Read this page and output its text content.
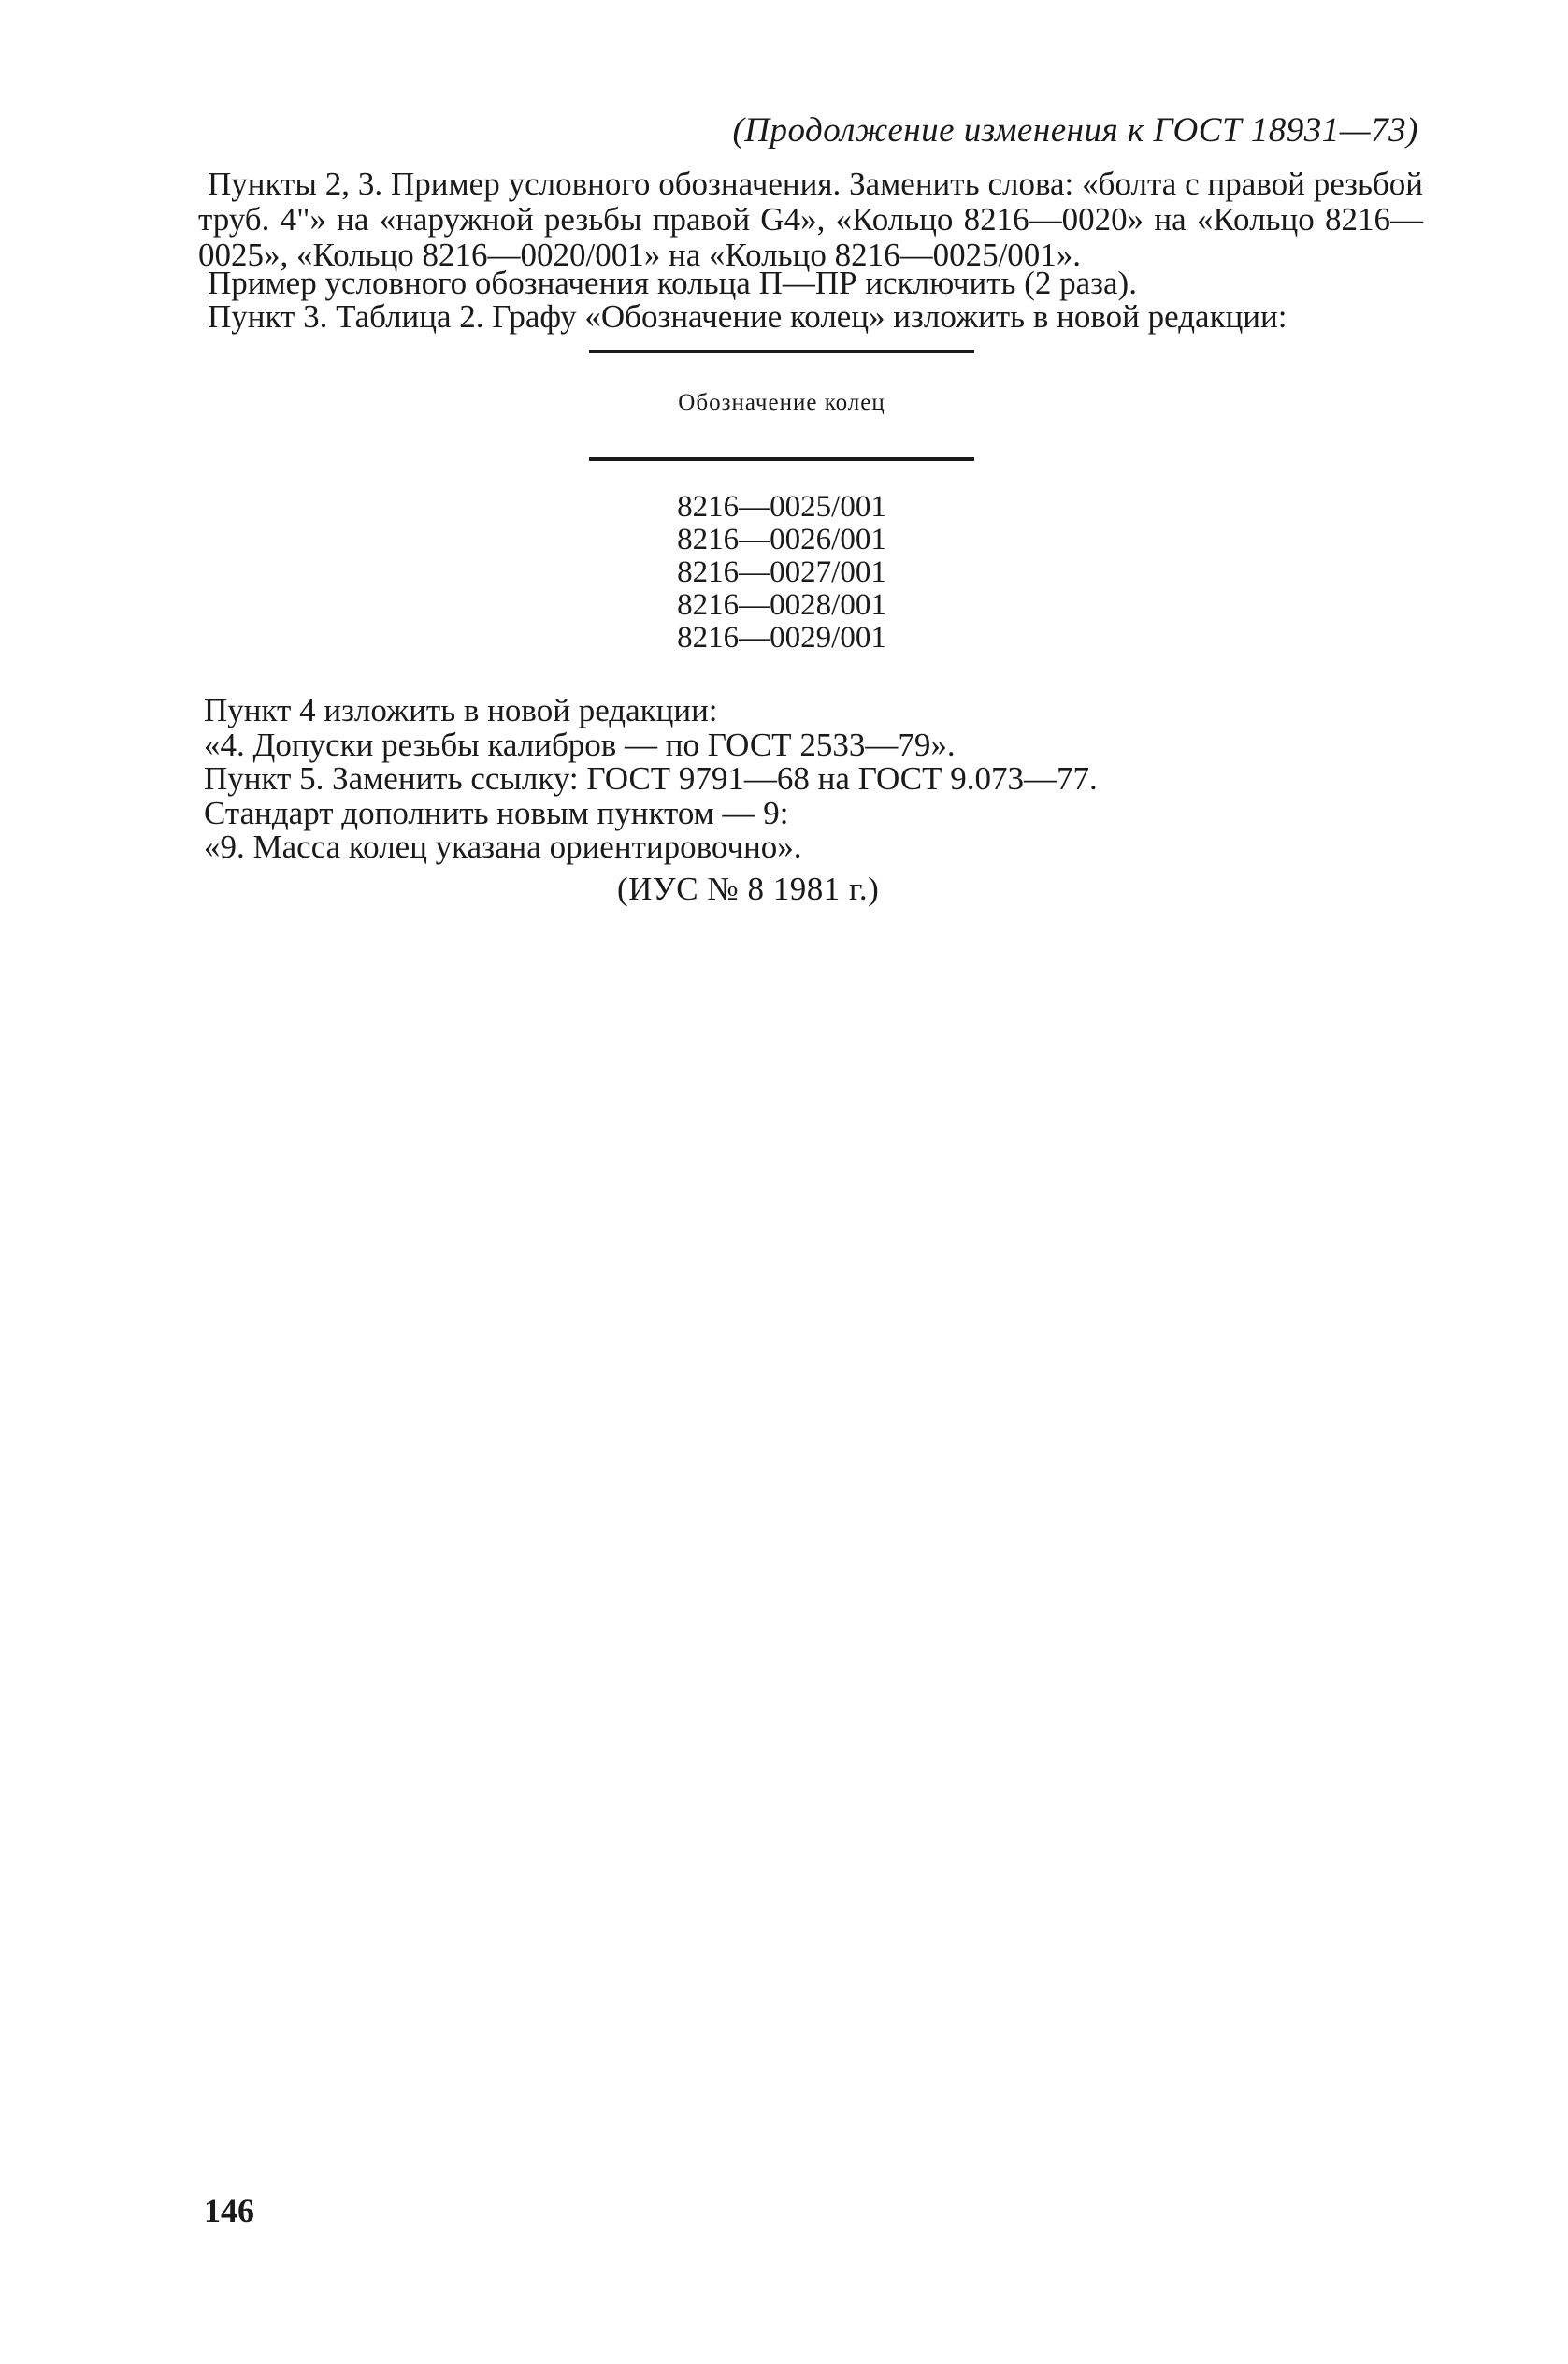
(Продолжение изменения к ГОСТ 18931—73)
Пункты 2, 3. Пример условного обозначения. Заменить слова: «болта с правой резьбой труб. 4"» на «наружной резьбы правой G4», «Кольцо 8216—0020» на «Кольцо 8216—0025», «Кольцо 8216—0020/001» на «Кольцо 8216—0025/001».
Пример условного обозначения кольца П—ПР исключить (2 раза).
Пункт 3. Таблица 2. Графу «Обозначение колец» изложить в новой редакции:
Обозначение колец
8216—0025/001
8216—0026/001
8216—0027/001
8216—0028/001
8216—0029/001
Пункт 4 изложить в новой редакции:
«4. Допуски резьбы калибров — по ГОСТ 2533—79».
Пункт 5. Заменить ссылку: ГОСТ 9791—68 на ГОСТ 9.073—77.
Стандарт дополнить новым пунктом — 9:
«9. Масса колец указана ориентировочно».
(ИУС № 8 1981 г.)
146
